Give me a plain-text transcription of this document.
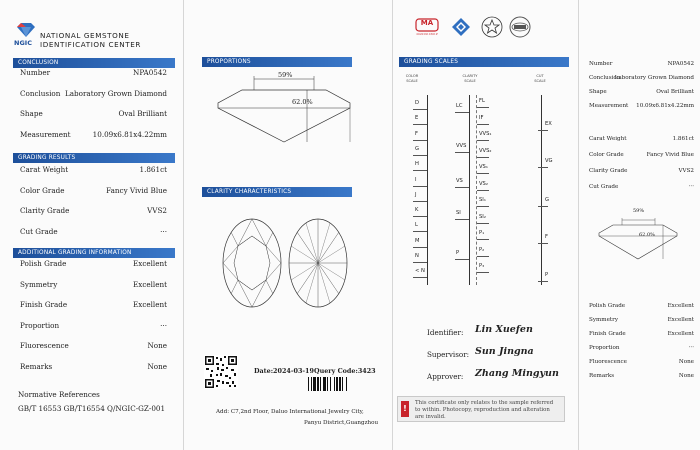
NGIC
NATIONAL GEMSTONE
IDENTIFICATION CENTER
CONCLUSION
Number	NPA0542
Conclusion Laboratory Grown Diamond
Shape	Oval Brilliant
Measurement	10.09x6.81x4.22mm
GRADING RESULTS
Carat Weight	1.861ct
Color Grade	Fancy Vivid Blue
Clarity Grade	VVS2
Cut Grade	···
ADDITIONAL GRADING INFORMATION
Polish Grade	Excellent
Symmetry	Excellent
Finish Grade	Excellent
Proportion	···
Fluorescence	None
Remarks	None
Normative References
GB/T 16553 GB/T16554 Q/NGIC-GZ-001
PROPORTIONS
59%
62.0%
CLARITY CHARACTERISTICS
Date:2024-03-19 Query Code:3423
Add: C7,2nd Floor, Daluo International Jewelry City,
Panyu District,Guangzhou
MA
20201911601P
GRADING SCALES
COLOR
SCALE
CLARITY
SCALE
CUT
SCALE
D
E
F
G
H
I
J
K
L
M
N
< N
LC
VVS
VS
SI
P
FL
IF
VVS₁
VVS₂
VS₁
VS₂
SI₁
SI₂
P₁
P₂
P₃
EX
VG
G
F
P
Identifier: Lin Xuefen
Supervisor: Sun Jingna
Approver: Zhang Mingyun
!
This certificate only relates to the sample referred
to within. Photocopy, reproduction and alteration
are invalid.
Number	NPA0542
Conclusion
Laboratory Grown Diamond
Shape	Oval Brilliant
Measurement 10.09x6.81x4.22mm
Carat Weight	1.861ct
Color Grade	Fancy Vivid Blue
Clarity Grade	VVS2
Cut Grade	···
59%
62.0%
Polish Grade	Excellent
Symmetry	Excellent
Finish Grade	Excellent
Proportion	···
Fluorescence	None
Remarks	None
